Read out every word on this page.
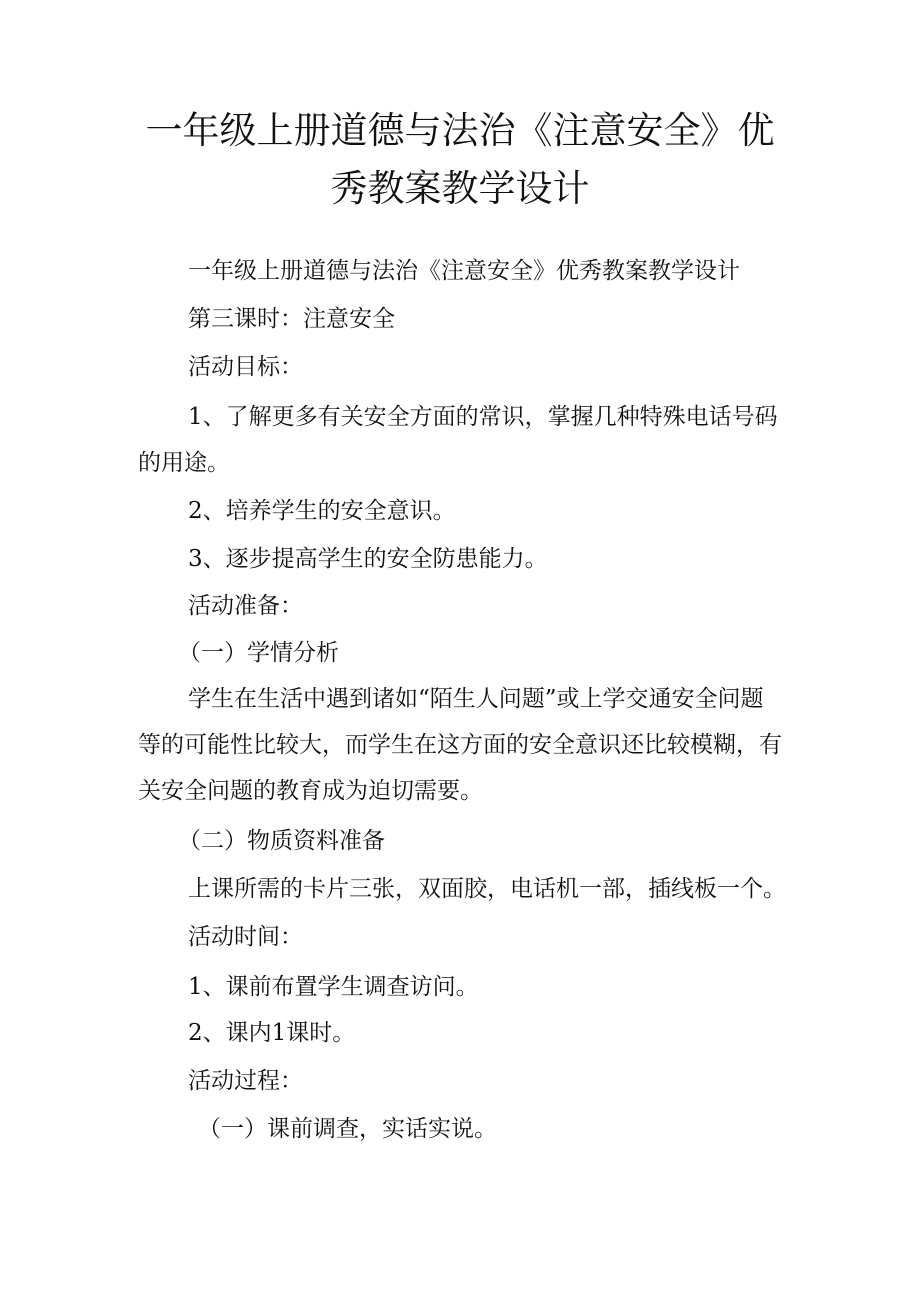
一年级上册道德与法治《注意安全》优
秀教案教学设计
一年级上册道德与法治《注意安全》优秀教案教学设计
第三课时：注意安全
活动目标：
1、了解更多有关安全方面的常识，掌握几种特殊电话号码
的用途。
2、培养学生的安全意识。
3、逐步提高学生的安全防患能力。
活动准备：
（一）学情分析
学生在生活中遇到诸如“陌生人问题”或上学交通安全问题
等的可能性比较大，而学生在这方面的安全意识还比较模糊，有
关安全问题的教育成为迫切需要。
（二）物质资料准备
上课所需的卡片三张，双面胶，电话机一部，插线板一个。
活动时间：
1、课前布置学生调查访问。
2、课内1课时。
活动过程：
（一）课前调查，实话实说。
